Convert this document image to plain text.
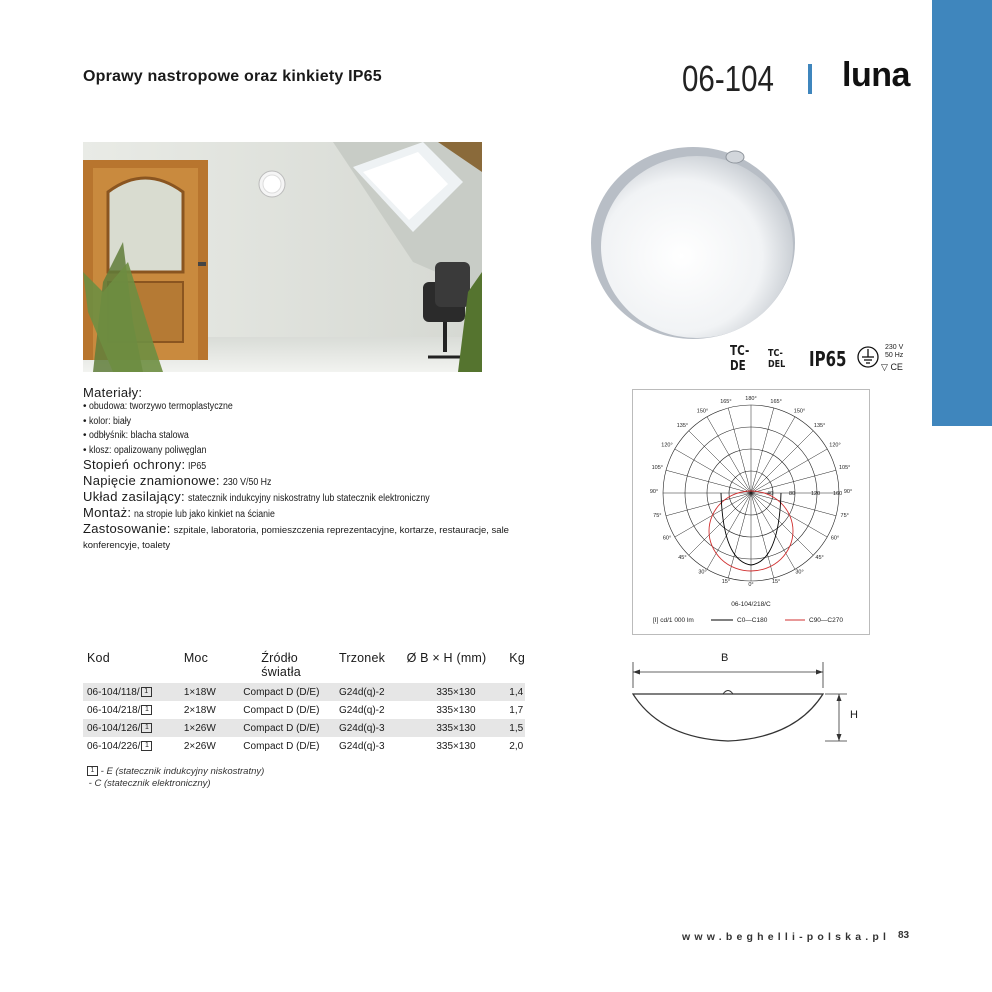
Oprawy nastropowe oraz kinkiety IP65	06-104 luna
TC-DE TC-DEL IP65	230 V
50 Hz
▽ CE
Materiały:
• obudowa: tworzywo termoplastyczne
• kolor: biały
• odbłyśnik: blacha stalowa
• klosz: opalizowany poliwęglan
Stopień ochrony: IP65
Napięcie znamionowe: 230 V/50 Hz
Układ zasilający: statecznik indukcyjny niskostratny lub statecznik elektroniczny
Montaż: na stropie lub jako kinkiet na ścianie
Zastosowanie: szpitale, laboratoria, pomieszczenia reprezentacyjne, kortarze, restauracje, sale konferencyje, toalety
180°
165°
165°
150°
150°
135°
135°
120°
120°
105°
105°
90°
90°
75°
75°
60°
60°
45°
45°
30°
30°
15°
15°
0°
40	80	120 160
06-104/218/C
[I] cd/1 000 lm	C0—C180	C90—C270
Kod	Moc	Źródło światła	Trzonek	Ø B × H (mm)	Kg
06-104/118/ 1	1×18W	Compact D (D/E)	G24d(q)-2	335×130	1,4
06-104/218/ 1	2×18W	Compact D (D/E)	G24d(q)-2	335×130	1,7
06-104/126/ 1	1×26W	Compact D (D/E)	G24d(q)-3	335×130	1,5
06-104/226/ 1	2×26W	Compact D (D/E)	G24d(q)-3	335×130	2,0
1 - E (statecznik indukcyjny niskostratny)
- C (statecznik elektroniczny)
B
H
www.beghelli-polska.pl 83
